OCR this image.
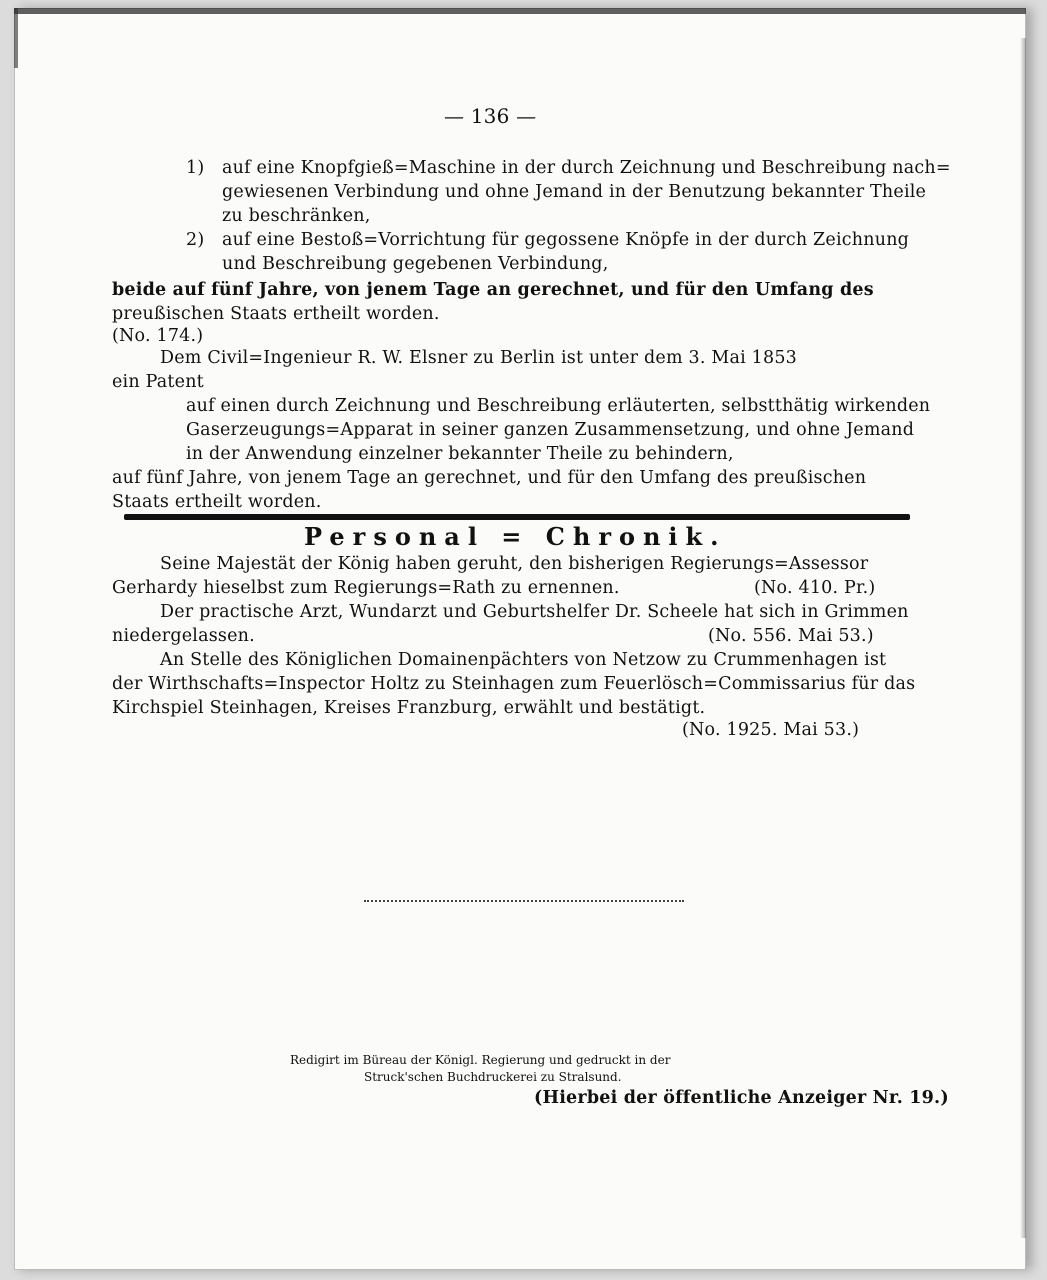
— 136 —
1) auf eine Knopfgieß=Maschine in der durch Zeichnung und Beschreibung nach=
gewiesenen Verbindung und ohne Jemand in der Benutzung bekannter Theile
zu beschränken,
2) auf eine Bestoß=Vorrichtung für gegossene Knöpfe in der durch Zeichnung
und Beschreibung gegebenen Verbindung,
beide auf fünf Jahre, von jenem Tage an gerechnet, und für den Umfang des
preußischen Staats ertheilt worden.
(No. 174.)
Dem Civil=Ingenieur R. W. Elsner zu Berlin ist unter dem 3. Mai 1853
ein Patent
auf einen durch Zeichnung und Beschreibung erläuterten, selbstthätig wirkenden
Gaserzeugungs=Apparat in seiner ganzen Zusammensetzung, und ohne Jemand
in der Anwendung einzelner bekannter Theile zu behindern,
auf fünf Jahre, von jenem Tage an gerechnet, und für den Umfang des preußischen
Staats ertheilt worden.
Personal = Chronik.
Seine Majestät der König haben geruht, den bisherigen Regierungs=Assessor
Gerhardy hieselbst zum Regierungs=Rath zu ernennen.	(No. 410. Pr.)
Der practische Arzt, Wundarzt und Geburtshelfer Dr. Scheele hat sich in Grimmen
niedergelassen.	(No. 556. Mai 53.)
An Stelle des Königlichen Domainenpächters von Netzow zu Crummenhagen ist
der Wirthschafts=Inspector Holtz zu Steinhagen zum Feuerlösch=Commissarius für das
Kirchspiel Steinhagen, Kreises Franzburg, erwählt und bestätigt.
(No. 1925. Mai 53.)
Redigirt im Büreau der Königl. Regierung und gedruckt in der
Struck'schen Buchdruckerei zu Stralsund.
(Hierbei der öffentliche Anzeiger Nr. 19.)
